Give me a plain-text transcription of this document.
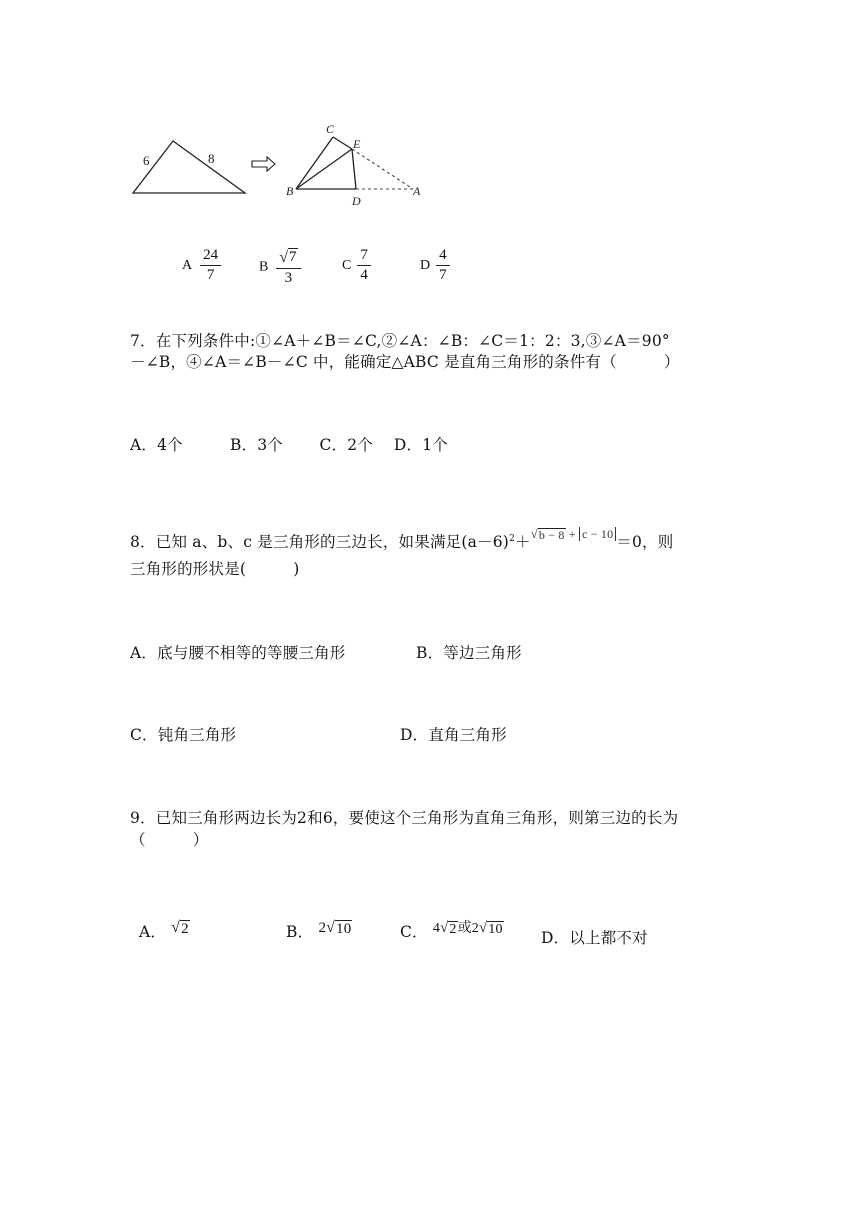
6	8
C
E
B
D
A
A $\frac{24}{7}$	B $\frac{√ 7}{3}$	C $\frac{7}{4}$	D $\frac{4}{7}$
7．在下列条件中:①∠A＋∠B＝∠C,②∠A：∠B：∠C＝1：2：3,③∠A＝90°
－∠B，④∠A＝∠B－∠C 中，能确定△ABC 是直角三角形的条件有（　　　）
A．4个　　　B．3个　　 C．2个　 D．1个
8．已知 a、b、c 是三角形的三边长，如果满足$(a-6)^2+$ √ b − 8 + c − 10 ＝0，则
三角形的形状是(　　　)
A．底与腰不相等的等腰三角形	B．等边三角形
C．钝角三角形	D．直角三角形
9．已知三角形两边长为2和6，要使这个三角形为直角三角形，则第三边的长为
（　　　）
A． √ 2	B． 2 √ 10	C． 4 √ 2 或2 √ 10 D．以上都不对
